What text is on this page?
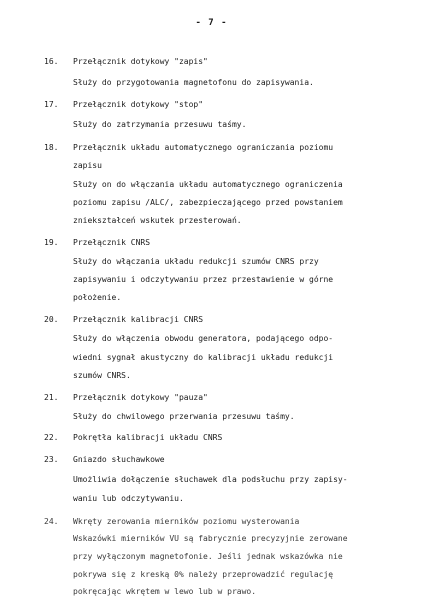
- 7 -
16. Przełącznik dotykowy "zapis"
Służy do przygotowania magnetofonu do zapisywania.
17. Przełącznik dotykowy "stop"
Służy do zatrzymania przesuwu taśmy.
18. Przełącznik układu automatycznego ograniczania poziomu
zapisu
Służy on do włączania układu automatycznego ograniczenia
poziomu zapisu /ALC/, zabezpieczającego przed powstaniem
zniekształceń wskutek przesterowań.
19. Przełącznik CNRS
Służy do włączania układu redukcji szumów CNRS przy
zapisywaniu i odczytywaniu przez przestawienie w górne
położenie.
20. Przełącznik kalibracji CNRS
Służy do włączenia obwodu generatora, podającego odpo-
wiedni sygnał akustyczny do kalibracji układu redukcji
szumów CNRS.
21. Przełącznik dotykowy "pauza"
Służy do chwilowego przerwania przesuwu taśmy.
22. Pokrętła kalibracji układu CNRS
23. Gniazdo słuchawkowe
Umożliwia dołączenie słuchawek dla podsłuchu przy zapisy-
waniu lub odczytywaniu.
24. Wkręty zerowania mierników poziomu wysterowania
Wskazówki mierników VU są fabrycznie precyzyjnie zerowane
przy wyłączonym magnetofonie. Jeśli jednak wskazówka nie
pokrywa się z kreską 0% należy przeprowadzić regulację
pokręcając wkrętem w lewo lub w prawo.
